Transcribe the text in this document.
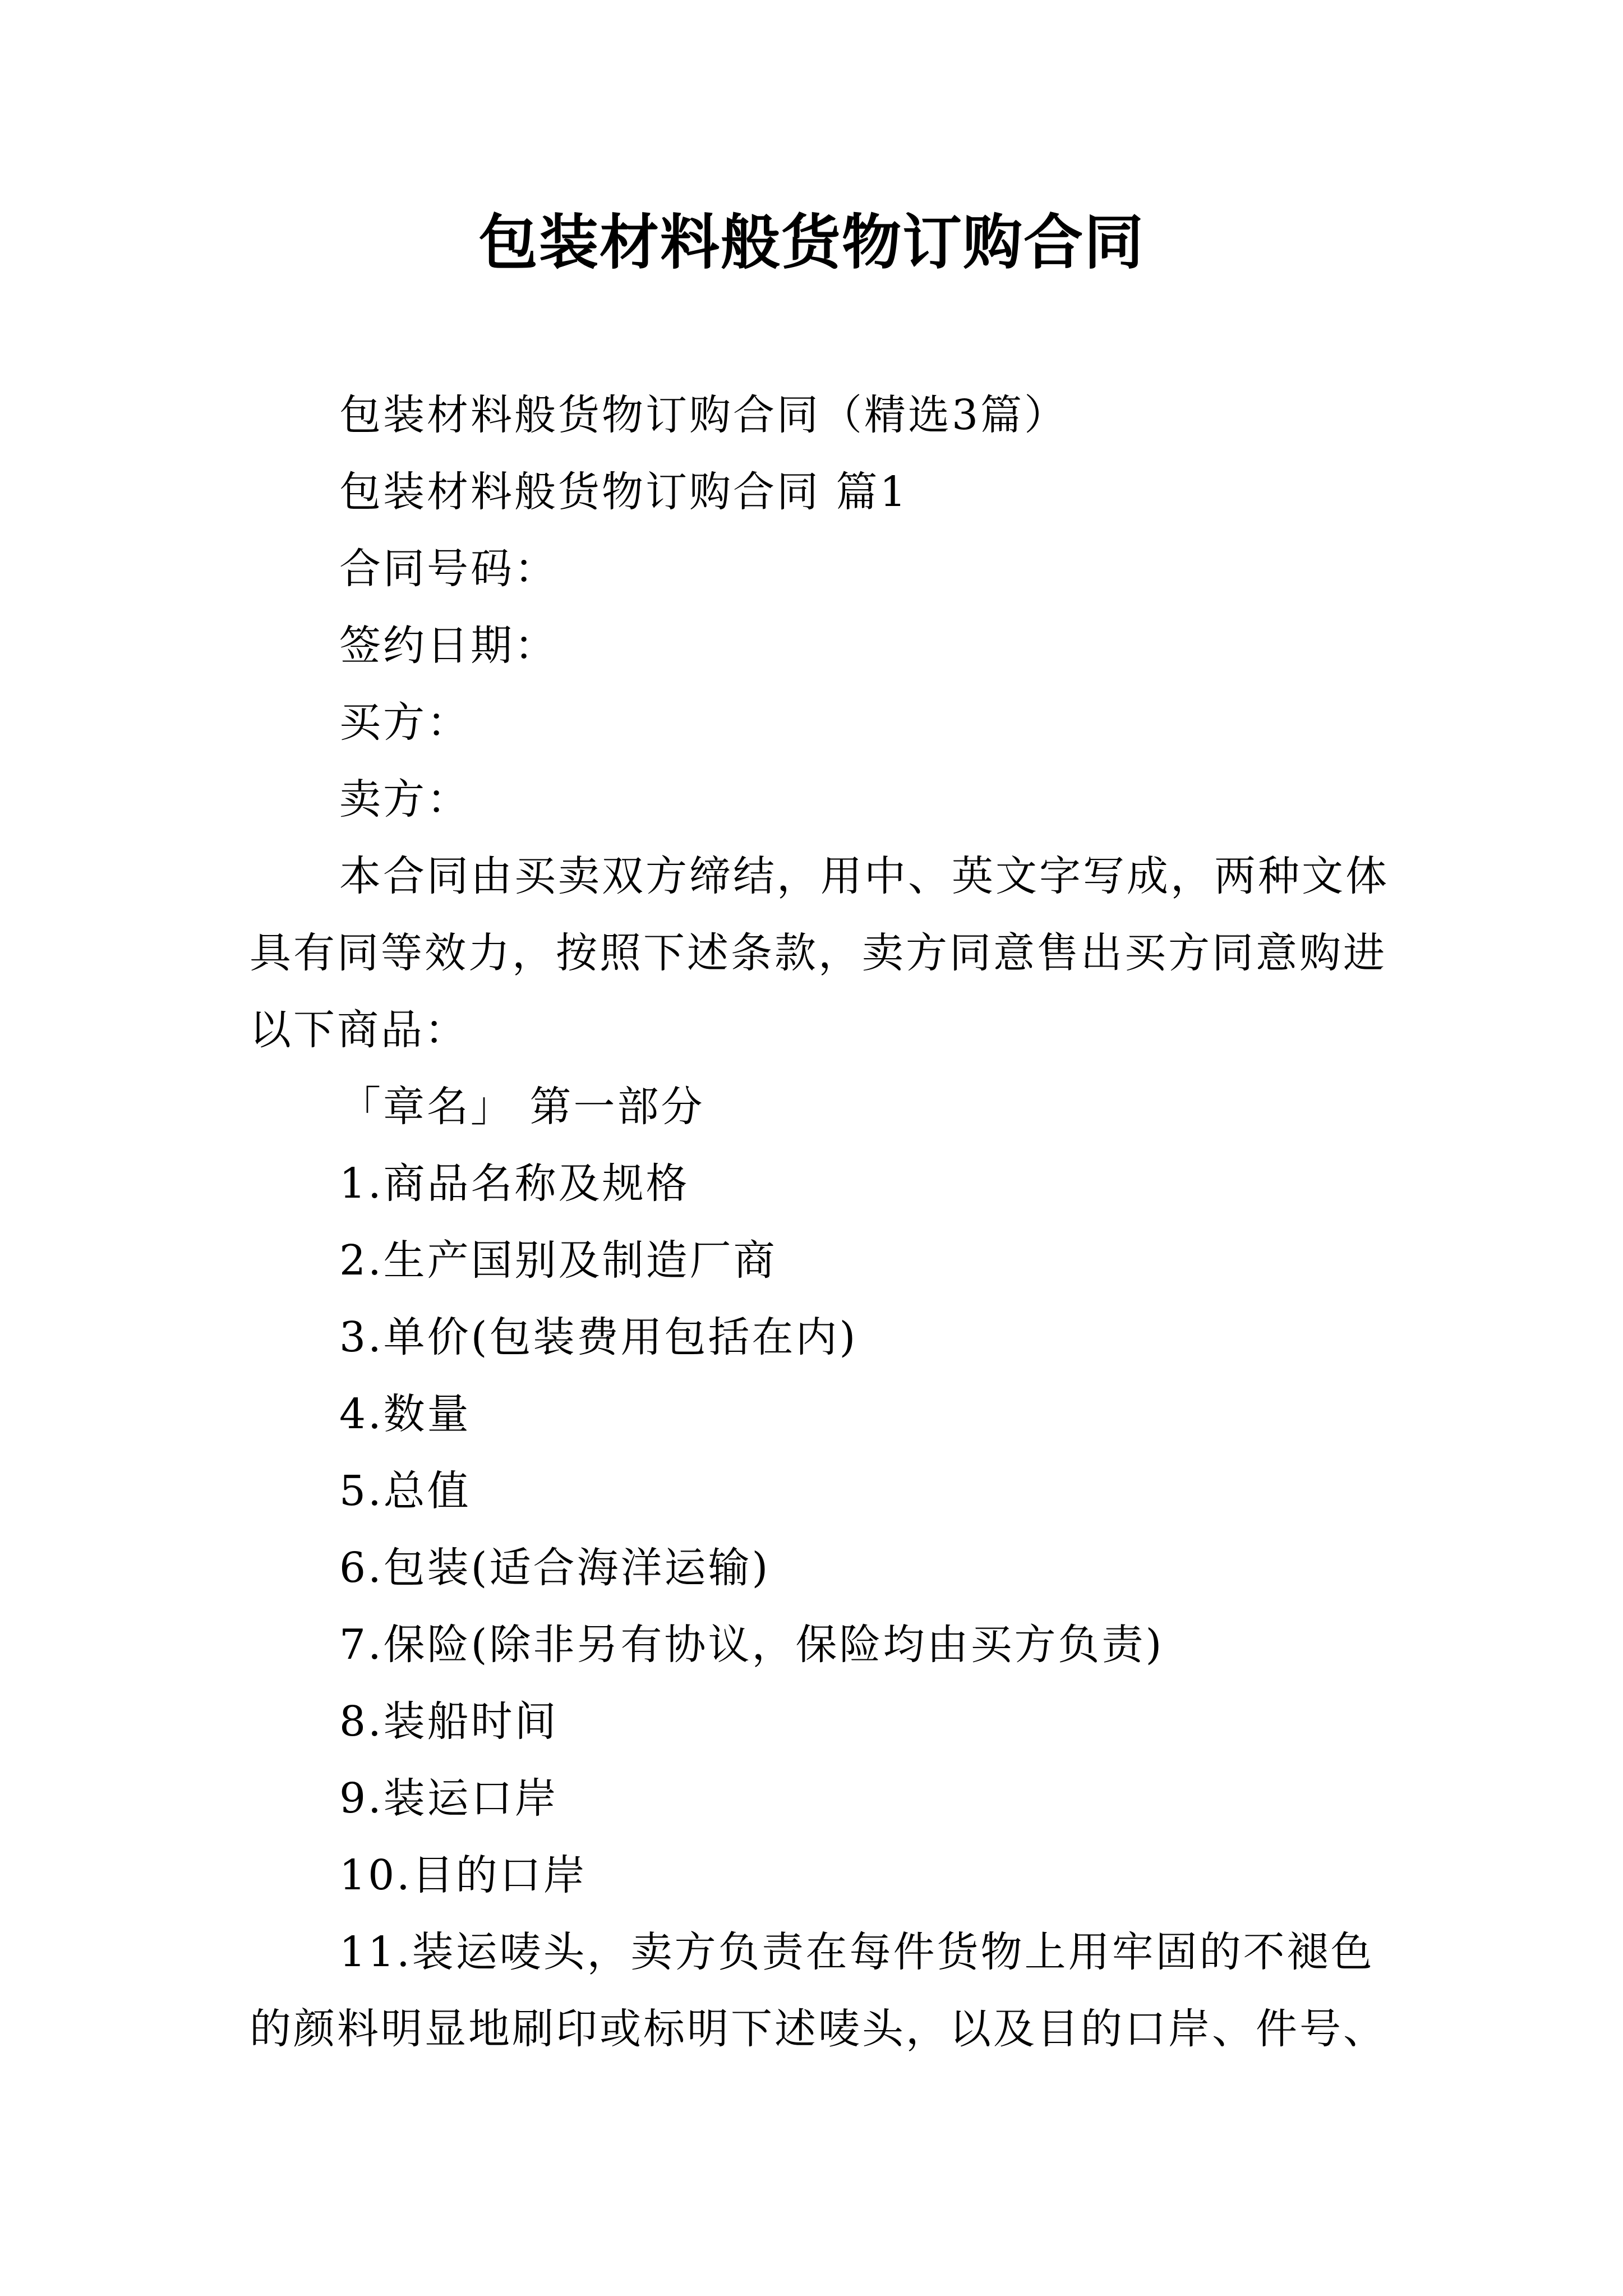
包装材料般货物订购合同

包装材料般货物订购合同（精选3篇）

包装材料般货物订购合同 篇1

合同号码：

签约日期：

买方：

卖方：

本合同由买卖双方缔结，用中、英文字写成，两种文体具有同等效力，按照下述条款，卖方同意售出买方同意购进以下商品：

「章名」 第一部分

1.商品名称及规格

2.生产国别及制造厂商

3.单价(包装费用包括在内)

4.数量

5.总值

6.包装(适合海洋运输)

7.保险(除非另有协议，保险均由买方负责)

8.装船时间

9.装运口岸

10.目的口岸

11.装运唛头，卖方负责在每件货物上用牢固的不褪色的颜料明显地刷印或标明下述唛头，以及目的口岸、件号、
